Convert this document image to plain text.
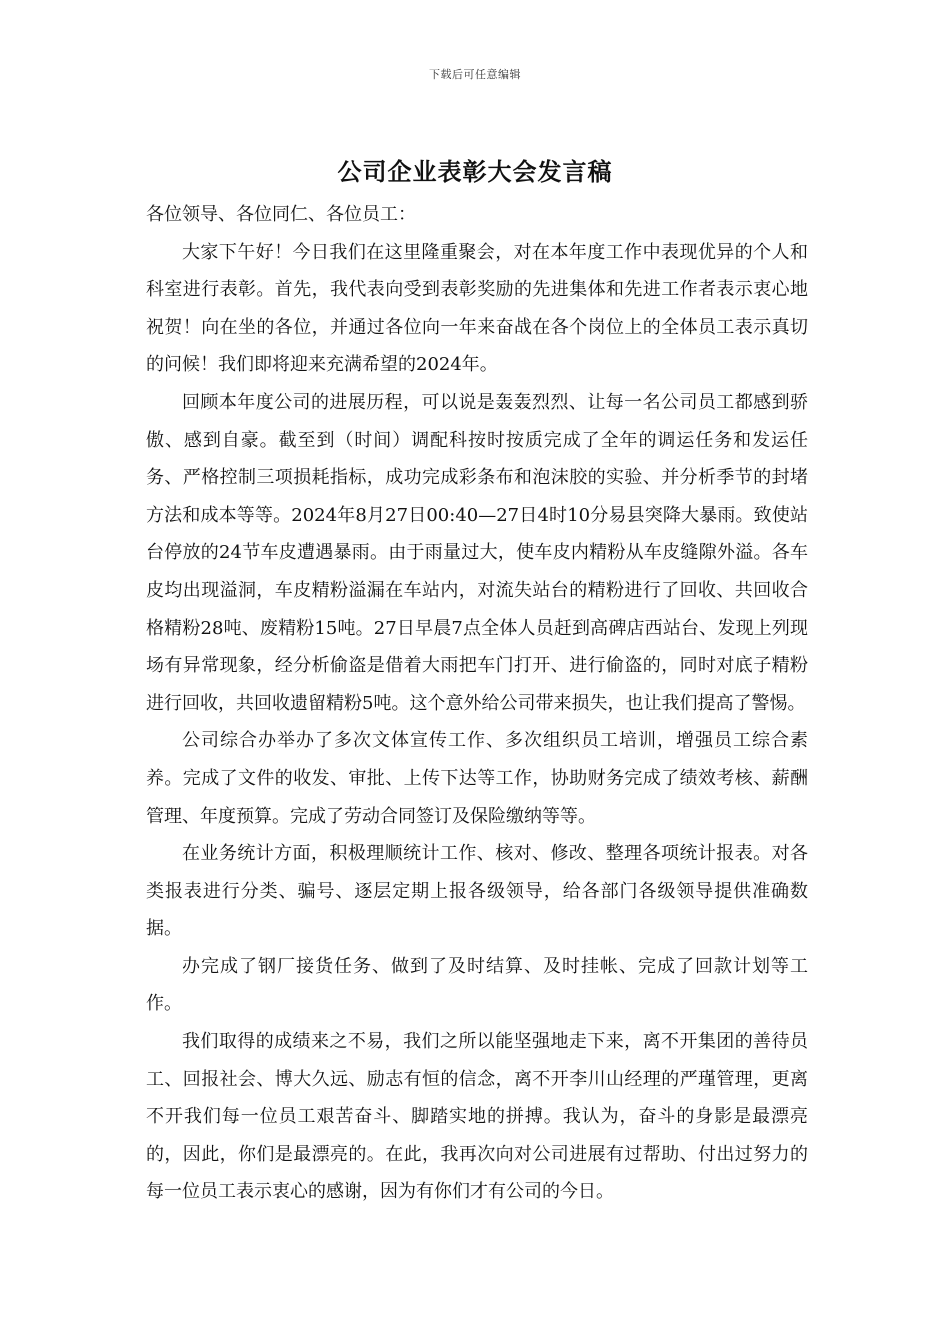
下载后可任意编辑
公司企业表彰大会发言稿

各位领导、各位同仁、各位员工：

大家下午好！今日我们在这里隆重聚会，对在本年度工作中表现优异的个人和科室进行表彰。首先，我代表向受到表彰奖励的先进集体和先进工作者表示衷心地祝贺！向在坐的各位，并通过各位向一年来奋战在各个岗位上的全体员工表示真切的问候！我们即将迎来充满希望的2024年。

回顾本年度公司的进展历程，可以说是轰轰烈烈、让每一名公司员工都感到骄傲、感到自豪。截至到（时间）调配科按时按质完成了全年的调运任务和发运任务、严格控制三项损耗指标，成功完成彩条布和泡沫胶的实验、并分析季节的封堵方法和成本等等。2024年8月27日00:40—27日4时10分易县突降大暴雨。致使站台停放的24节车皮遭遇暴雨。由于雨量过大，使车皮内精粉从车皮缝隙外溢。各车皮均出现溢洞，车皮精粉溢漏在车站内，对流失站台的精粉进行了回收、共回收合格精粉28吨、废精粉15吨。27日早晨7点全体人员赶到高碑店西站台、发现上列现场有异常现象，经分析偷盗是借着大雨把车门打开、进行偷盗的，同时对底子精粉进行回收，共回收遗留精粉5吨。这个意外给公司带来损失，也让我们提高了警惕。

公司综合办举办了多次文体宣传工作、多次组织员工培训，增强员工综合素养。完成了文件的收发、审批、上传下达等工作，协助财务完成了绩效考核、薪酬管理、年度预算。完成了劳动合同签订及保险缴纳等等。

在业务统计方面，积极理顺统计工作、核对、修改、整理各项统计报表。对各类报表进行分类、骗号、逐层定期上报各级领导，给各部门各级领导提供准确数据。

办完成了钢厂接货任务、做到了及时结算、及时挂帐、完成了回款计划等工作。

我们取得的成绩来之不易，我们之所以能坚强地走下来，离不开集团的善待员工、回报社会、博大久远、励志有恒的信念，离不开李川山经理的严瑾管理，更离不开我们每一位员工艰苦奋斗、脚踏实地的拼搏。我认为，奋斗的身影是最漂亮的，因此，你们是最漂亮的。在此，我再次向对公司进展有过帮助、付出过努力的每一位员工表示衷心的感谢，因为有你们才有公司的今日。
